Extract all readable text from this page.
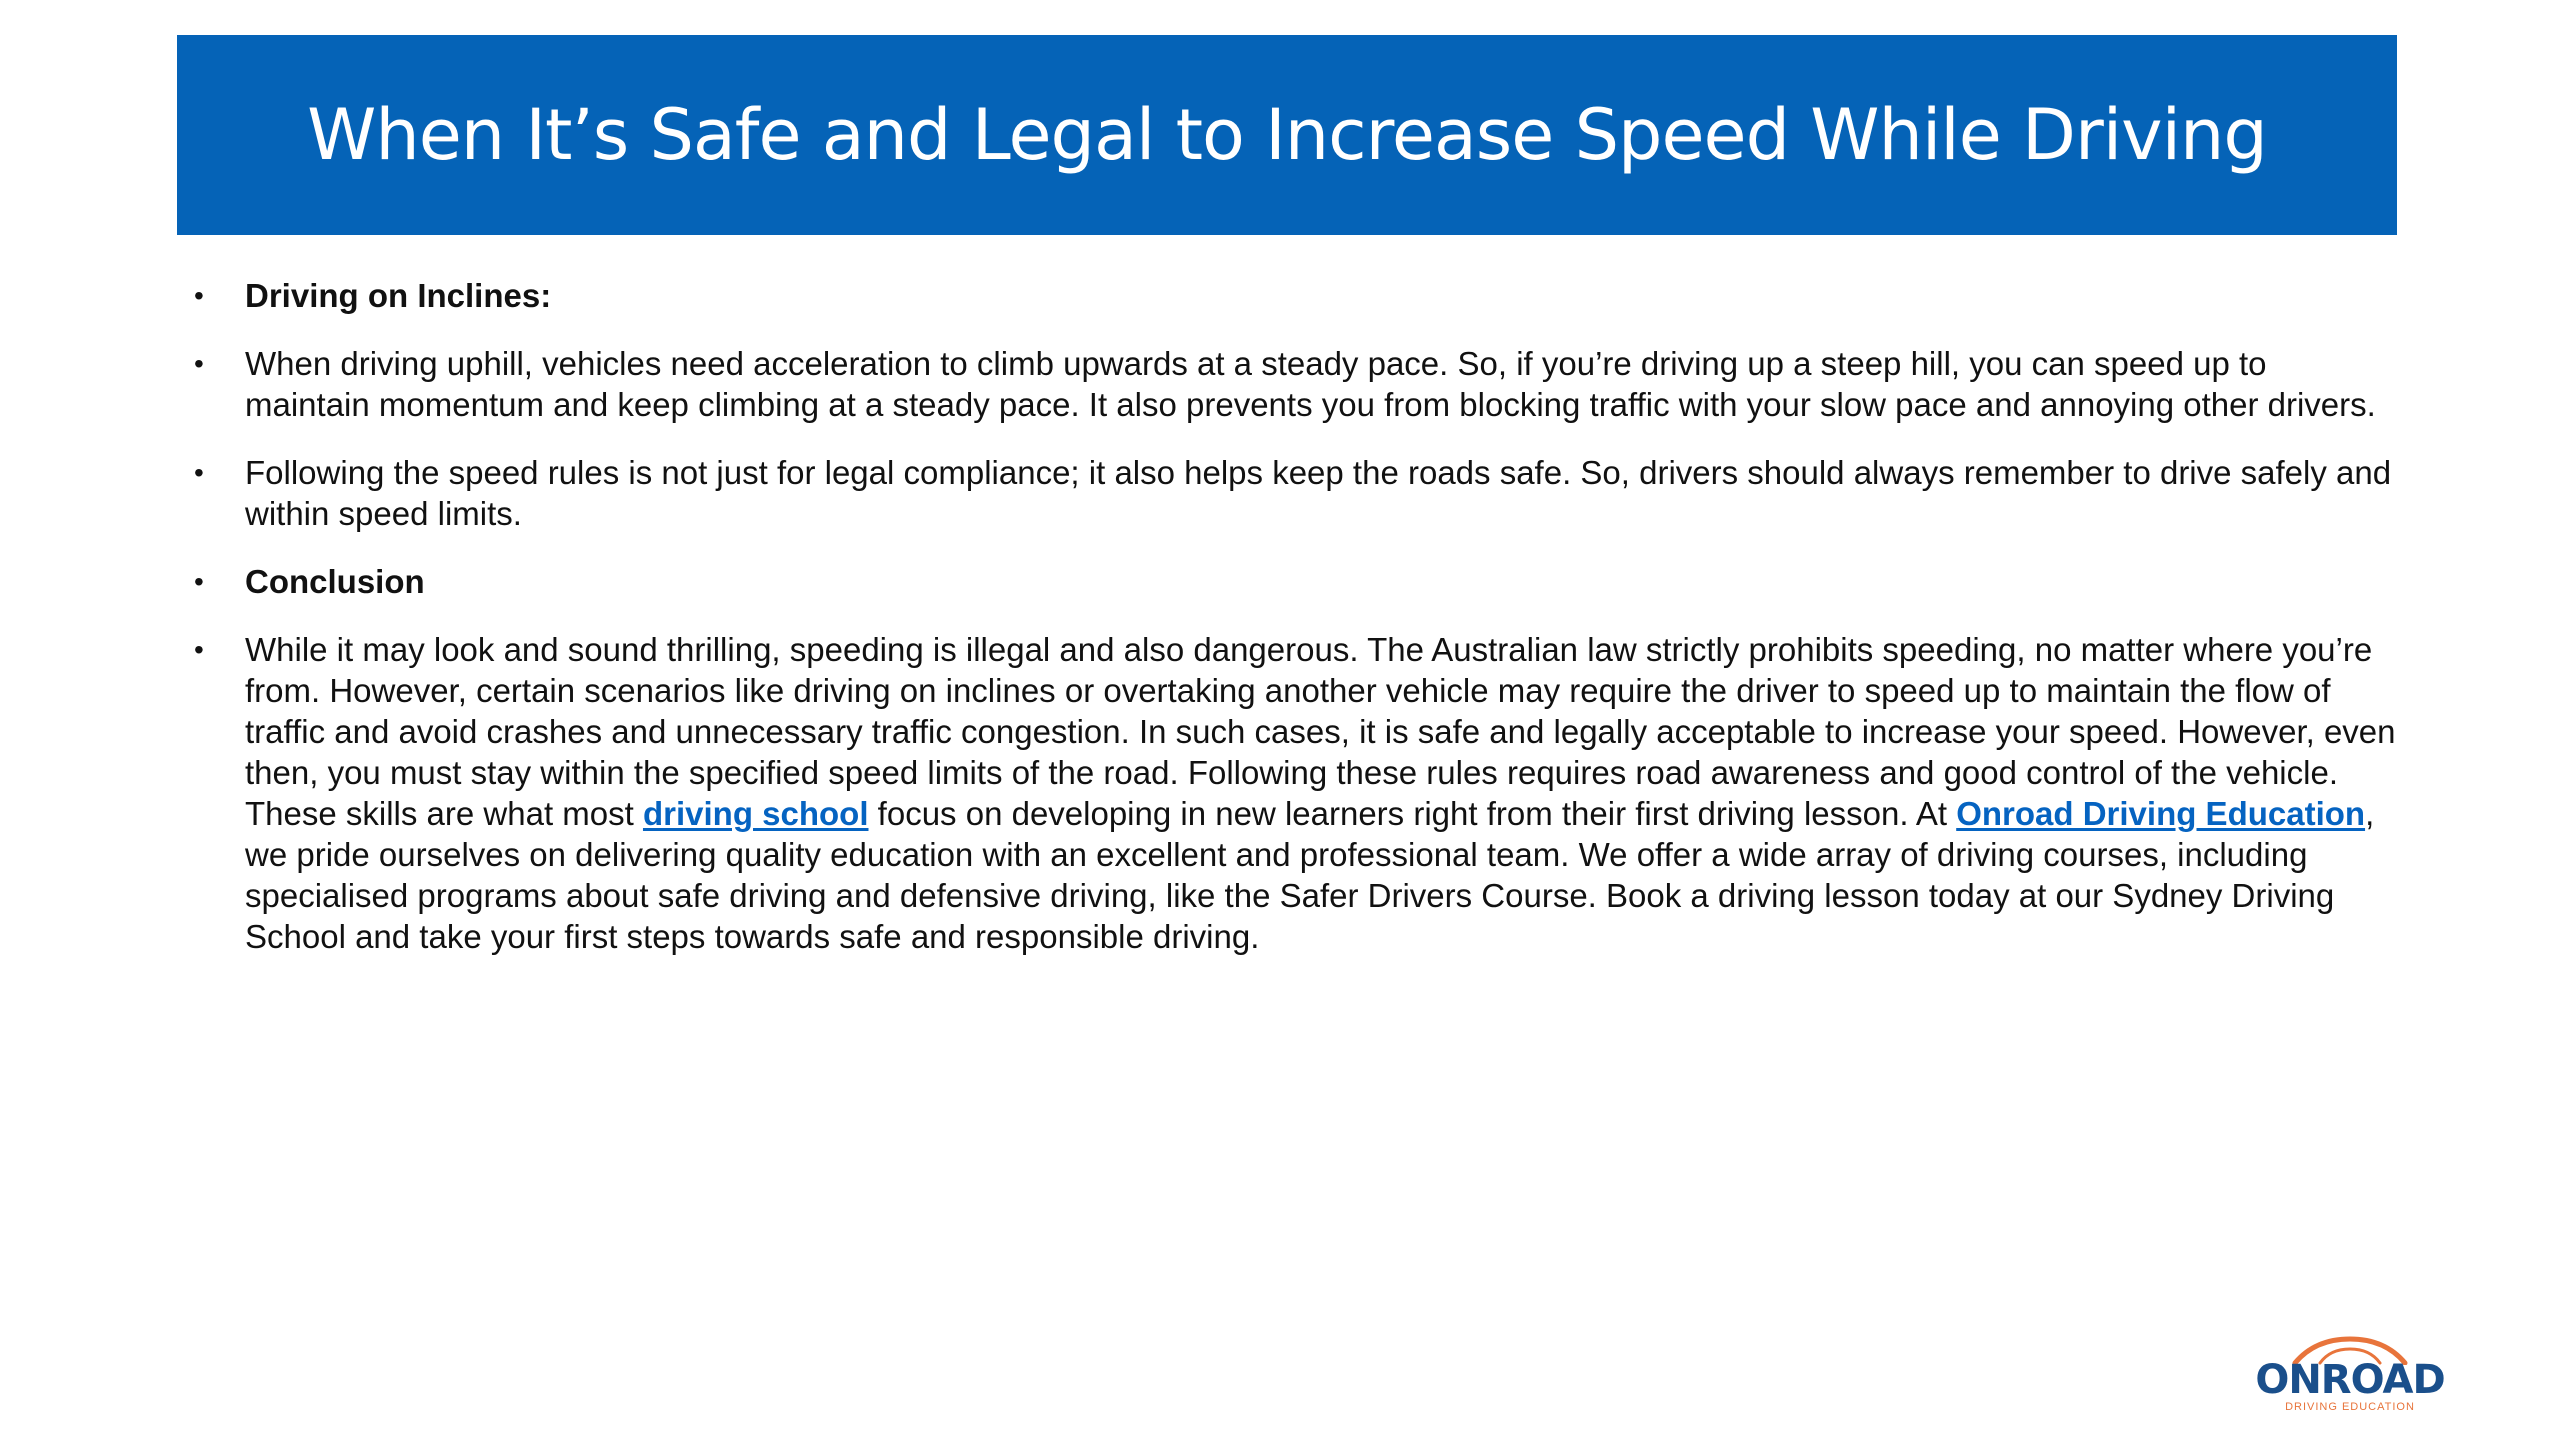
When It’s Safe and Legal to Increase Speed While Driving
• Driving on Inclines:
• When driving uphill, vehicles need acceleration to climb upwards at a steady pace. So, if you’re driving up a steep hill, you can speed up to maintain momentum and keep climbing at a steady pace. It also prevents you from blocking traffic with your slow pace and annoying other drivers.
• Following the speed rules is not just for legal compliance; it also helps keep the roads safe. So, drivers should always remember to drive safely and within speed limits.
• Conclusion
• While it may look and sound thrilling, speeding is illegal and also dangerous. The Australian law strictly prohibits speeding, no matter where you’re from. However, certain scenarios like driving on inclines or overtaking another vehicle may require the driver to speed up to maintain the flow of traffic and avoid crashes and unnecessary traffic congestion. In such cases, it is safe and legally acceptable to increase your speed. However, even then, you must stay within the specified speed limits of the road. Following these rules requires road awareness and good control of the vehicle. These skills are what most driving school focus on developing in new learners right from their first driving lesson. At Onroad Driving Education, we pride ourselves on delivering quality education with an excellent and professional team. We offer a wide array of driving courses, including specialised programs about safe driving and defensive driving, like the Safer Drivers Course. Book a driving lesson today at our Sydney Driving School and take your first steps towards safe and responsible driving.
ONROAD
DRIVING EDUCATION
